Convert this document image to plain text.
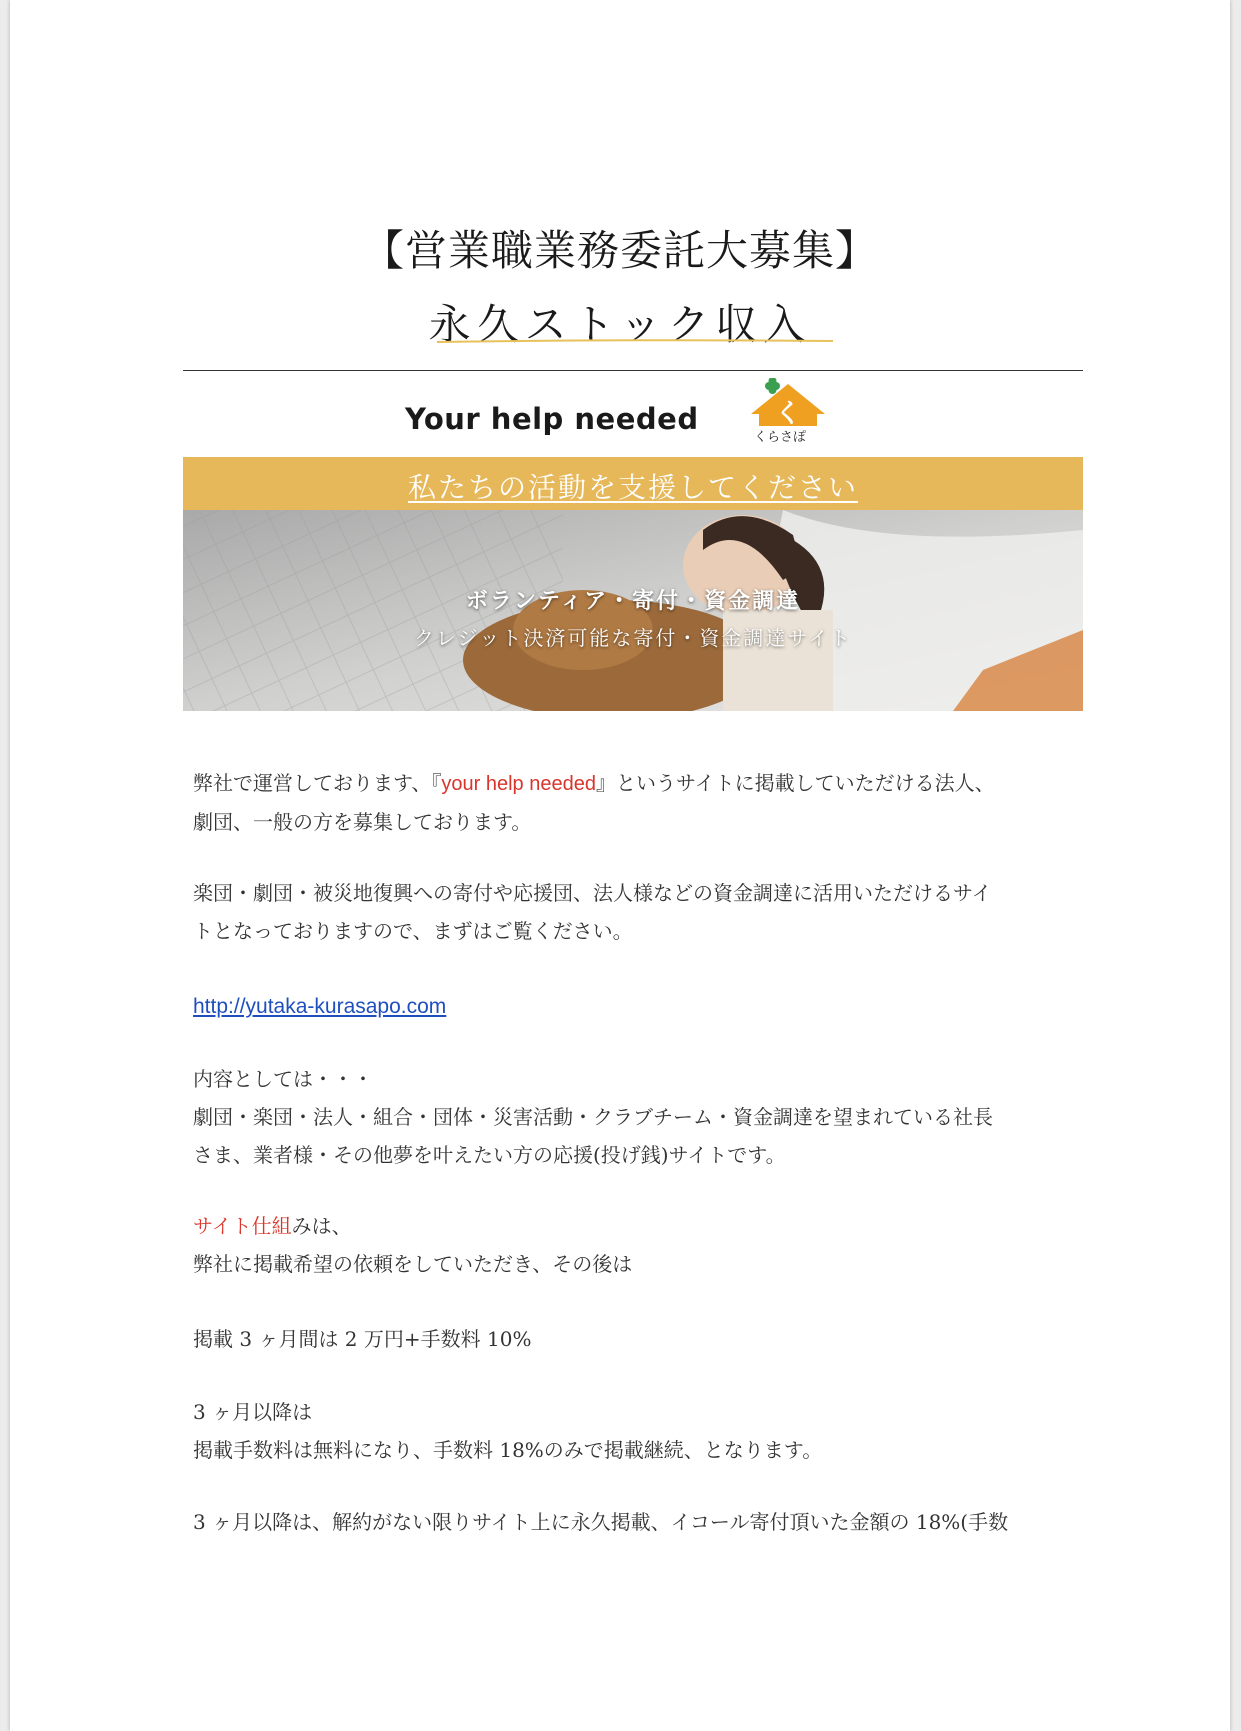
【営業職業務委託大募集】
永久ストック収入
Your help needed	く
くらさぽ
私たちの活動を支援してください
ボランティア・寄付・資金調達
クレジット決済可能な寄付・資金調達サイト
弊社で運営しております、『your help needed』というサイトに掲載していただける法人、
劇団、一般の方を募集しております。
楽団・劇団・被災地復興への寄付や応援団、法人様などの資金調達に活用いただけるサイ
トとなっておりますので、まずはご覧ください。
http://yutaka-kurasapo.com
内容としては・・・
劇団・楽団・法人・組合・団体・災害活動・クラブチーム・資金調達を望まれている社長
さま、業者様・その他夢を叶えたい方の応援(投げ銭)サイトです。
サイト仕組みは、
弊社に掲載希望の依頼をしていただき、その後は
掲載 3 ヶ月間は 2 万円+手数料 10%
3 ヶ月以降は
掲載手数料は無料になり、手数料 18%のみで掲載継続、となります。
3 ヶ月以降は、解約がない限りサイト上に永久掲載、イコール寄付頂いた金額の 18%(手数
